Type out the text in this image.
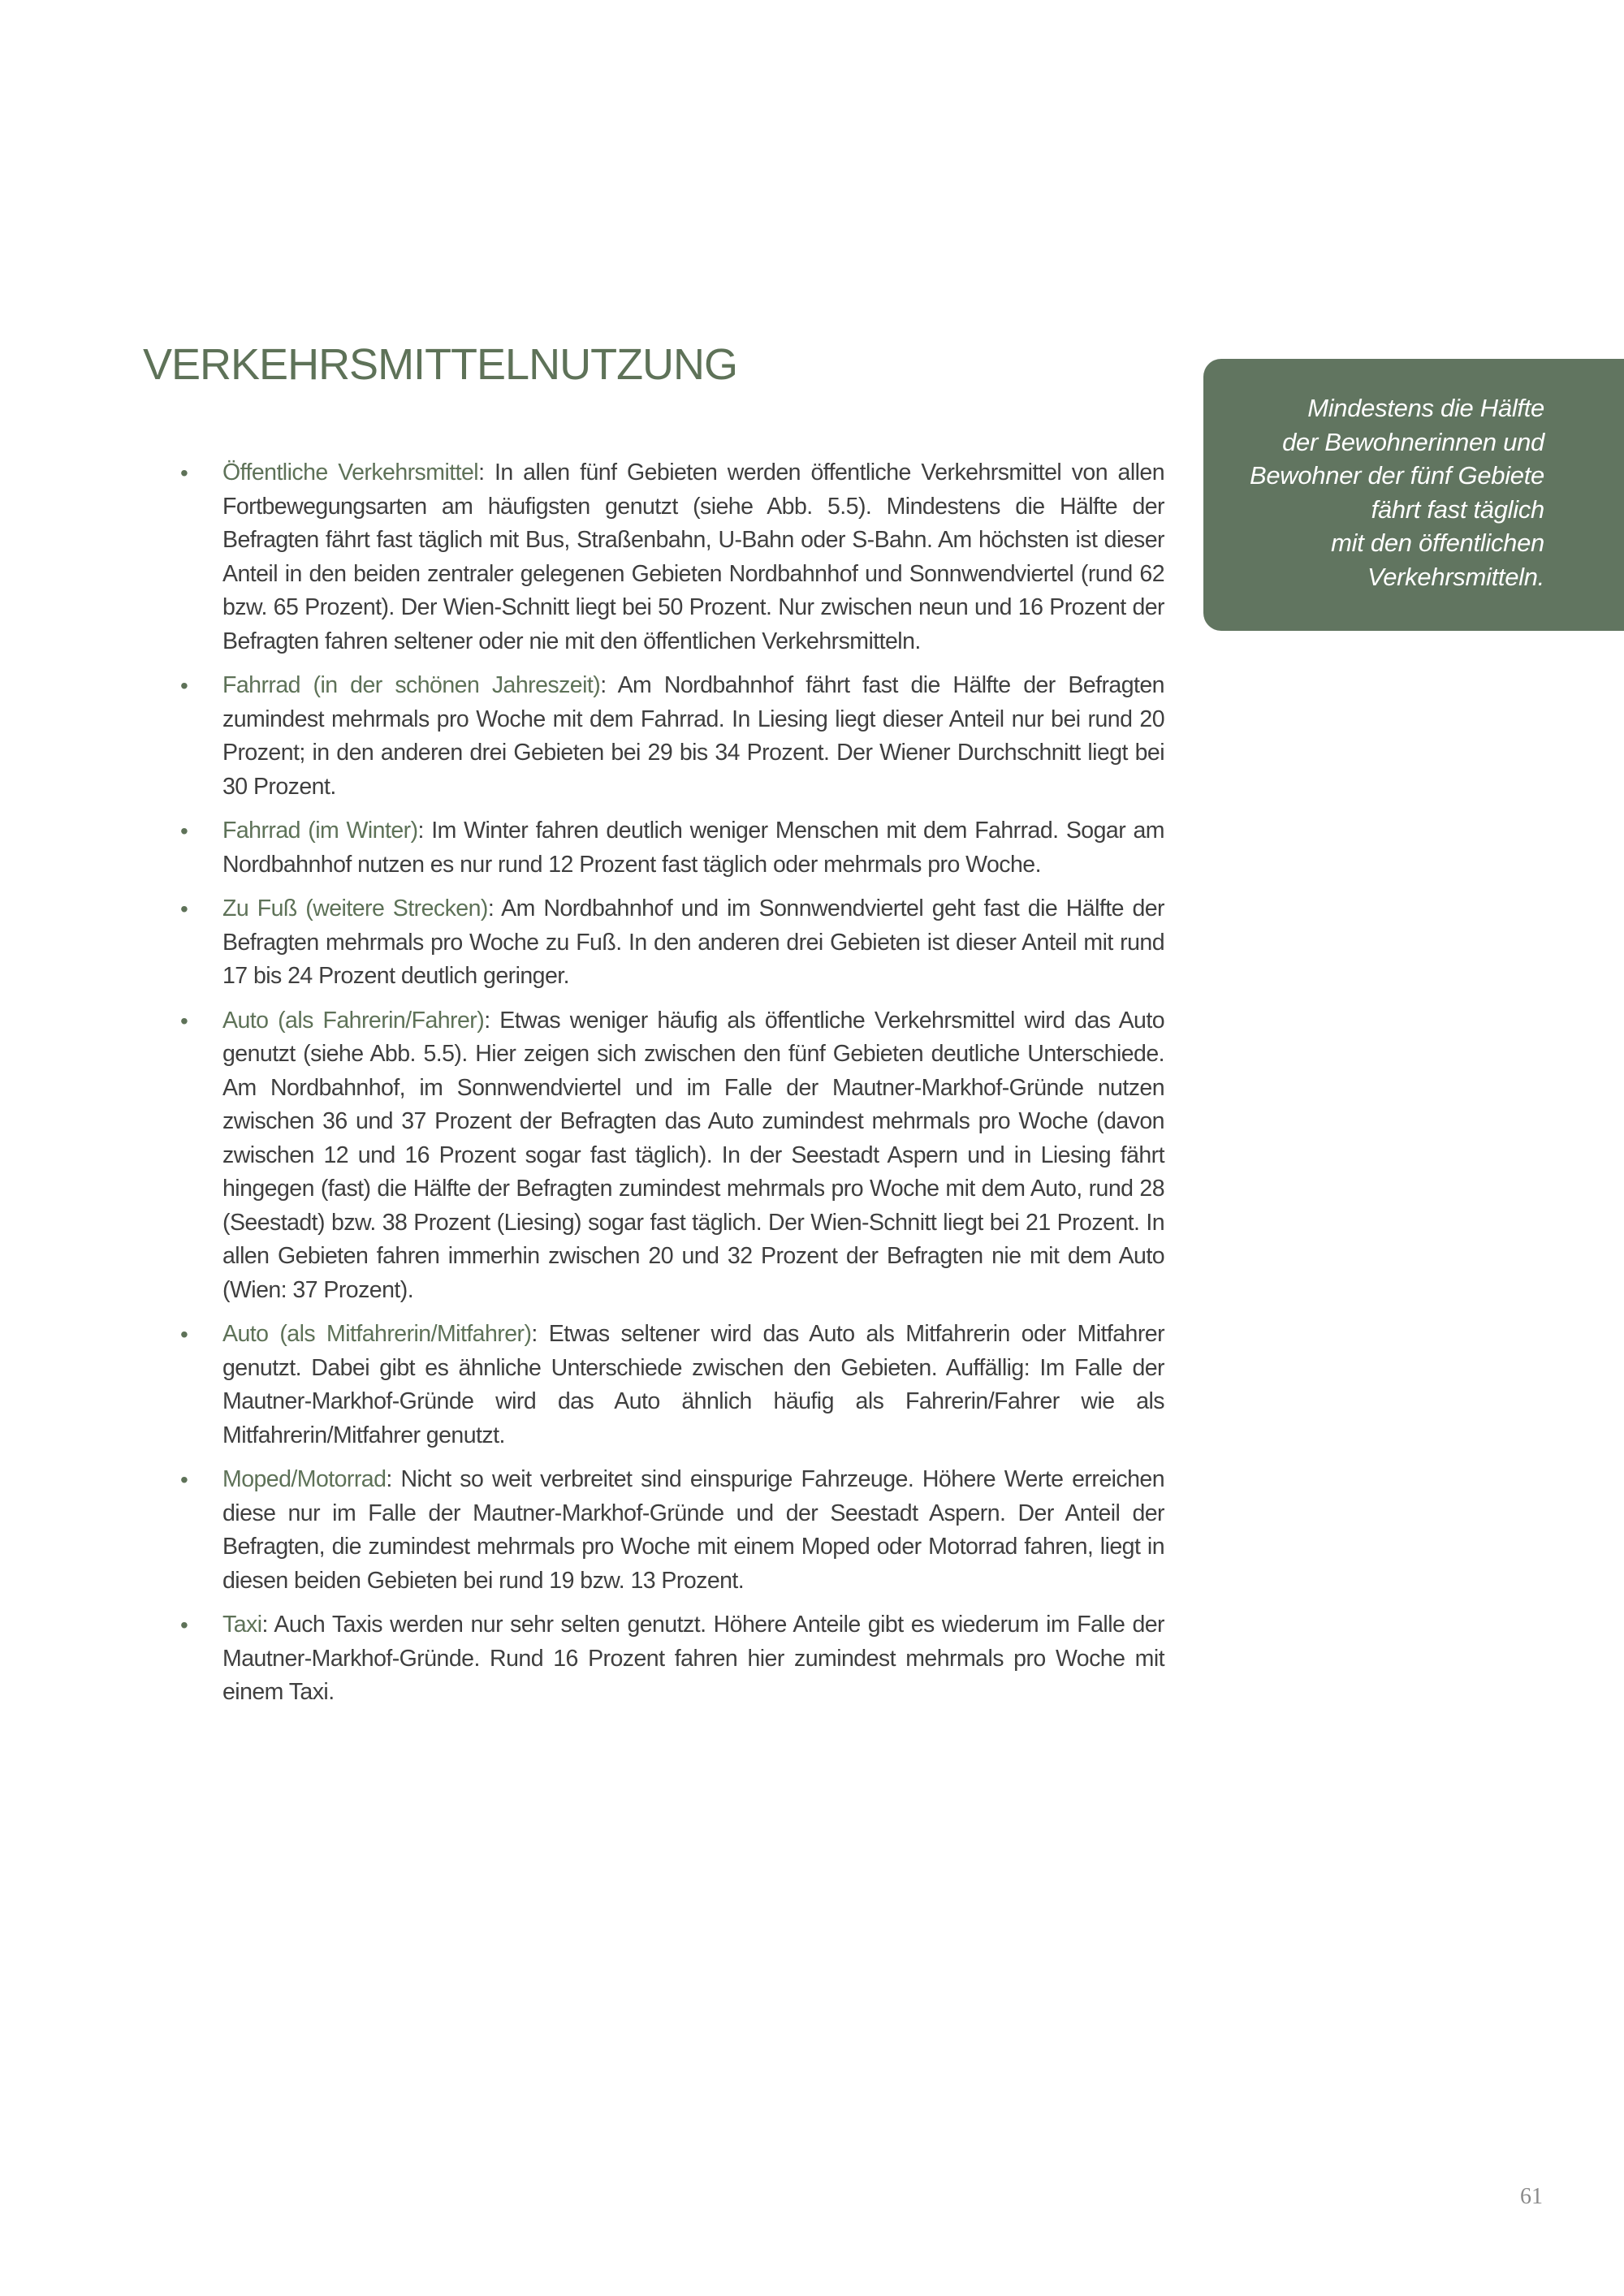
VERKEHRSMITTELNUTZUNG
• Öffentliche Verkehrsmittel: In allen fünf Gebieten werden öffentliche Verkehrsmittel von allen Fortbewegungsarten am häufigsten genutzt (siehe Abb. 5.5). Mindestens die Hälfte der Befragten fährt fast täglich mit Bus, Straßenbahn, U-Bahn oder S-Bahn. Am höchsten ist dieser Anteil in den beiden zentraler gelegenen Gebieten Nordbahnhof und Sonnwendviertel (rund 62 bzw. 65 Prozent). Der Wien-Schnitt liegt bei 50 Prozent. Nur zwischen neun und 16 Prozent der Befragten fahren seltener oder nie mit den öffentlichen Verkehrsmitteln.
• Fahrrad (in der schönen Jahreszeit): Am Nordbahnhof fährt fast die Hälfte der Befragten zumindest mehrmals pro Woche mit dem Fahrrad. In Liesing liegt dieser Anteil nur bei rund 20 Prozent; in den anderen drei Gebieten bei 29 bis 34 Prozent. Der Wiener Durchschnitt liegt bei 30 Prozent.
• Fahrrad (im Winter): Im Winter fahren deutlich weniger Menschen mit dem Fahrrad. Sogar am Nordbahnhof nutzen es nur rund 12 Prozent fast täglich oder mehrmals pro Woche.
• Zu Fuß (weitere Strecken): Am Nordbahnhof und im Sonnwendviertel geht fast die Hälfte der Befragten mehrmals pro Woche zu Fuß. In den anderen drei Gebieten ist dieser Anteil mit rund 17 bis 24 Prozent deutlich geringer.
• Auto (als Fahrerin/Fahrer): Etwas weniger häufig als öffentliche Verkehrsmittel wird das Auto genutzt (siehe Abb. 5.5). Hier zeigen sich zwischen den fünf Gebieten deutliche Unterschiede. Am Nordbahnhof, im Sonnwendviertel und im Falle der Mautner-Markhof-Gründe nutzen zwischen 36 und 37 Prozent der Befragten das Auto zumindest mehrmals pro Woche (davon zwischen 12 und 16 Prozent sogar fast täglich). In der Seestadt Aspern und in Liesing fährt hingegen (fast) die Hälfte der Befragten zumindest mehrmals pro Woche mit dem Auto, rund 28 (Seestadt) bzw. 38 Prozent (Liesing) sogar fast täglich. Der Wien-Schnitt liegt bei 21 Prozent. In allen Gebieten fahren immerhin zwischen 20 und 32 Prozent der Befragten nie mit dem Auto (Wien: 37 Prozent).
• Auto (als Mitfahrerin/Mitfahrer): Etwas seltener wird das Auto als Mitfahrerin oder Mitfahrer genutzt. Dabei gibt es ähnliche Unterschiede zwischen den Gebieten. Auffällig: Im Falle der Mautner-Markhof-Gründe wird das Auto ähnlich häufig als Fahrerin/Fahrer wie als Mitfahrerin/Mitfahrer genutzt.
• Moped/Motorrad: Nicht so weit verbreitet sind einspurige Fahrzeuge. Höhere Werte erreichen diese nur im Falle der Mautner-Markhof-Gründe und der Seestadt Aspern. Der Anteil der Befragten, die zumindest mehrmals pro Woche mit einem Moped oder Motorrad fahren, liegt in diesen beiden Gebieten bei rund 19 bzw. 13 Prozent.
• Taxi: Auch Taxis werden nur sehr selten genutzt. Höhere Anteile gibt es wiederum im Falle der Mautner-Markhof-Gründe. Rund 16 Prozent fahren hier zumindest mehrmals pro Woche mit einem Taxi.
Mindestens die Hälfte
der Bewohnerinnen und
Bewohner der fünf Gebiete
fährt fast täglich
mit den öffentlichen
Verkehrsmitteln.
61
